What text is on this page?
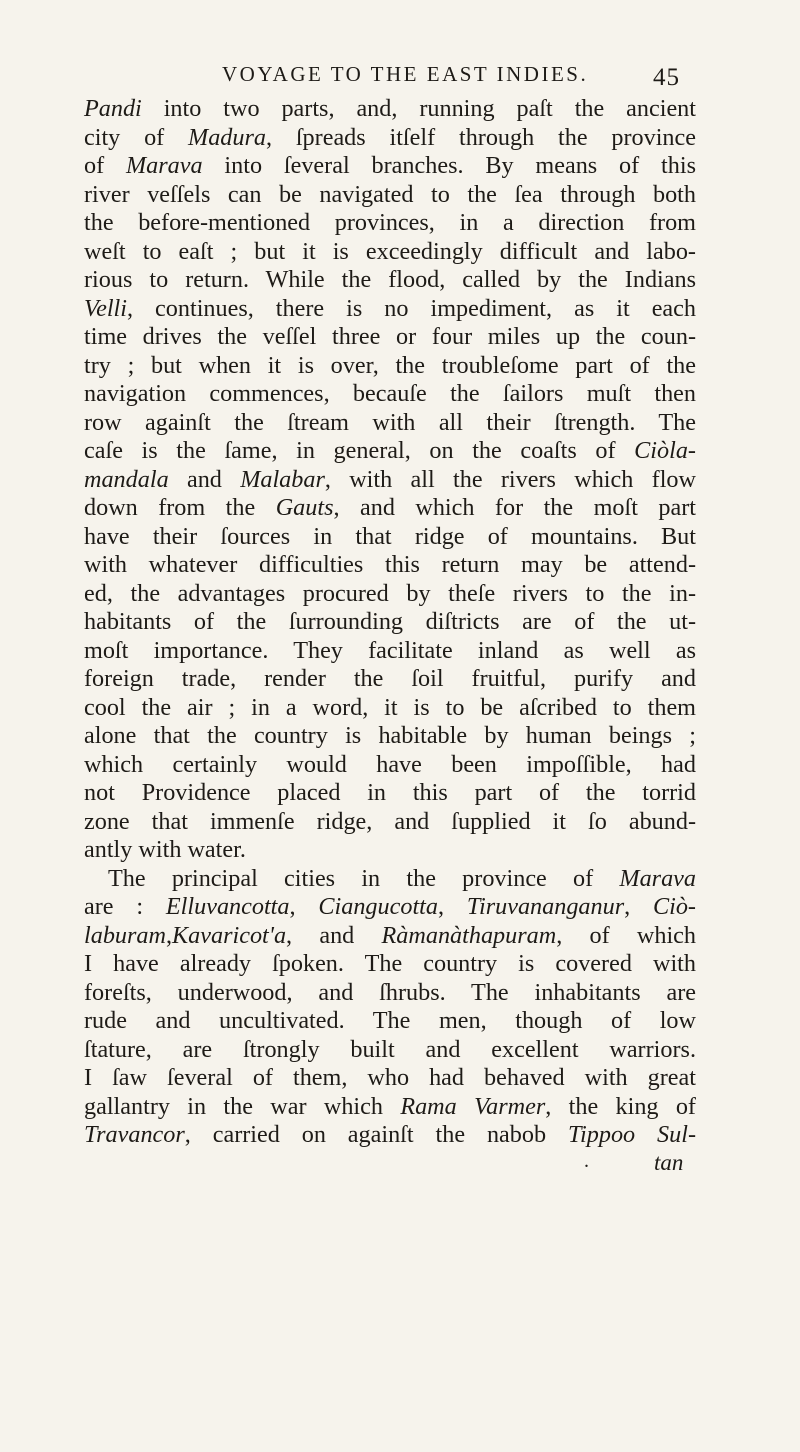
VOYAGE TO THE EAST INDIES.	45
Pandi into two parts, and, running paſt the ancient
city of Madura, ſpreads itſelf through the province
of Marava into ſeveral branches. By means of this
river veſſels can be navigated to the ſea through both
the before-mentioned provinces, in a direction from
weſt to eaſt ; but it is exceedingly difficult and labo-
rious to return. While the flood, called by the Indians
Velli, continues, there is no impediment, as it each
time drives the veſſel three or four miles up the coun-
try ; but when it is over, the troubleſome part of the
navigation commences, becauſe the ſailors muſt then
row againſt the ſtream with all their ſtrength. The
caſe is the ſame, in general, on the coaſts of Ciòla-
mandala and Malabar, with all the rivers which flow
down from the Gauts, and which for the moſt part
have their ſources in that ridge of mountains. But
with whatever difficulties this return may be attend-
ed, the advantages procured by theſe rivers to the in-
habitants of the ſurrounding diſtricts are of the ut-
moſt importance. They facilitate inland as well as
foreign trade, render the ſoil fruitful, purify and
cool the air ; in a word, it is to be aſcribed to them
alone that the country is habitable by human beings ;
which certainly would have been impoſſible, had
not Providence placed in this part of the torrid
zone that immenſe ridge, and ſupplied it ſo abund-
antly with water.
The principal cities in the province of Marava
are : Elluvancotta, Ciangucotta, Tiruvananganur, Ciò-
laburam,Kavaricot'a, and Ràmanàthapuram, of which
I have already ſpoken. The country is covered with
foreſts, underwood, and ſhrubs. The inhabitants are
rude and uncultivated. The men, though of low
ſtature, are ſtrongly built and excellent warriors.
I ſaw ſeveral of them, who had behaved with great
gallantry in the war which Rama Varmer, the king of
Travancor, carried on againſt the nabob Tippoo Sul-
.	tan
